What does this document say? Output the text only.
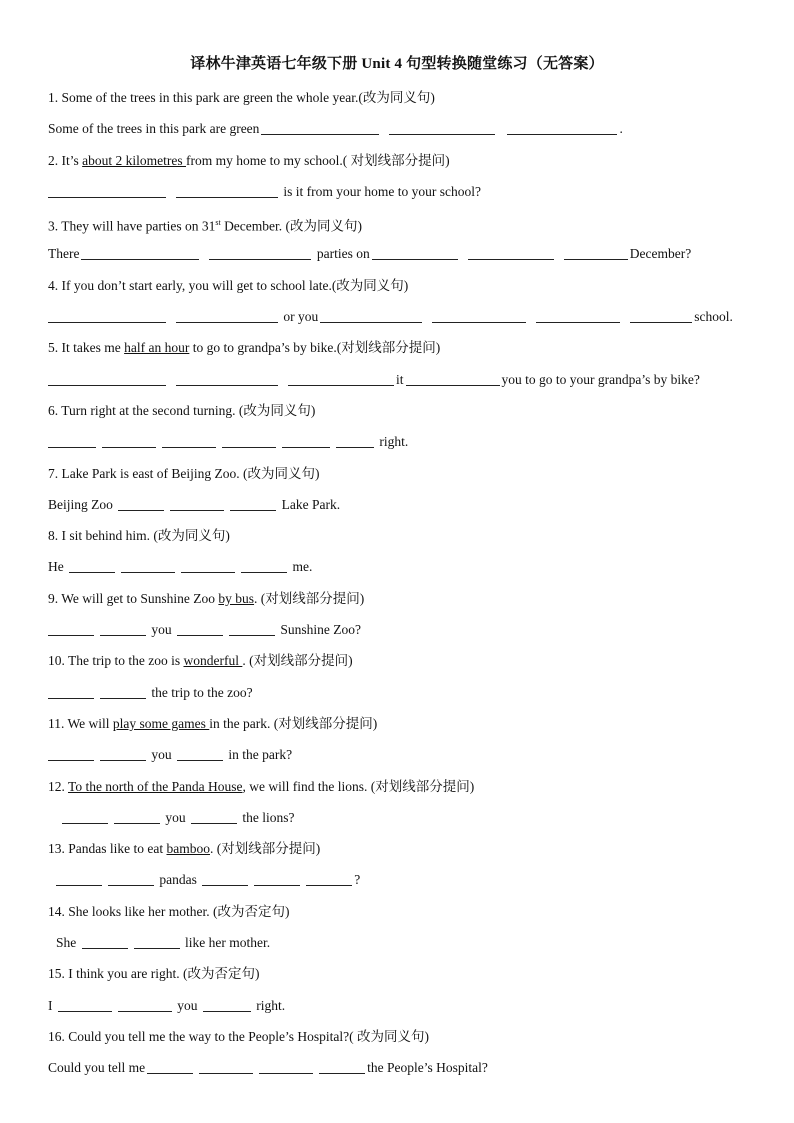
译林牛津英语七年级下册 Unit 4 句型转换随堂练习（无答案）
1. Some of the trees in this park are green the whole year.(改为同义句)
Some of the trees in this park are green	.
2. It’s about 2 kilometres from my home to my school.( 对划线部分提问)
is it from your home to your school?
3. They will have parties on 31st December. (改为同义句)
There	parties on	December?
4. If you don’t start early, you will get to school late.(改为同义句)
or you	school.
5. It takes me half an hour to go to grandpa’s by bike.(对划线部分提问)
it	you to go to your grandpa’s by bike?
6. Turn right at the second turning. (改为同义句)
right.
7. Lake Park is east of Beijing Zoo. (改为同义句)
Beijing Zoo	Lake Park.
8. I sit behind him. (改为同义句)
He	me.
9. We will get to Sunshine Zoo by bus. (对划线部分提问)
you	Sunshine Zoo?
10. The trip to the zoo is wonderful . (对划线部分提问)
the trip to the zoo?
11. We will play some games in the park. (对划线部分提问)
you	in the park?
12. To the north of the Panda House, we will find the lions. (对划线部分提问)
you	the lions?
13. Pandas like to eat bamboo. (对划线部分提问)
pandas	?
14. She looks like her mother. (改为否定句)
She	like her mother.
15. I think you are right. (改为否定句)
I	you	right.
16. Could you tell me the way to the People’s Hospital?( 改为同义句)
Could you tell me	the People’s Hospital?
